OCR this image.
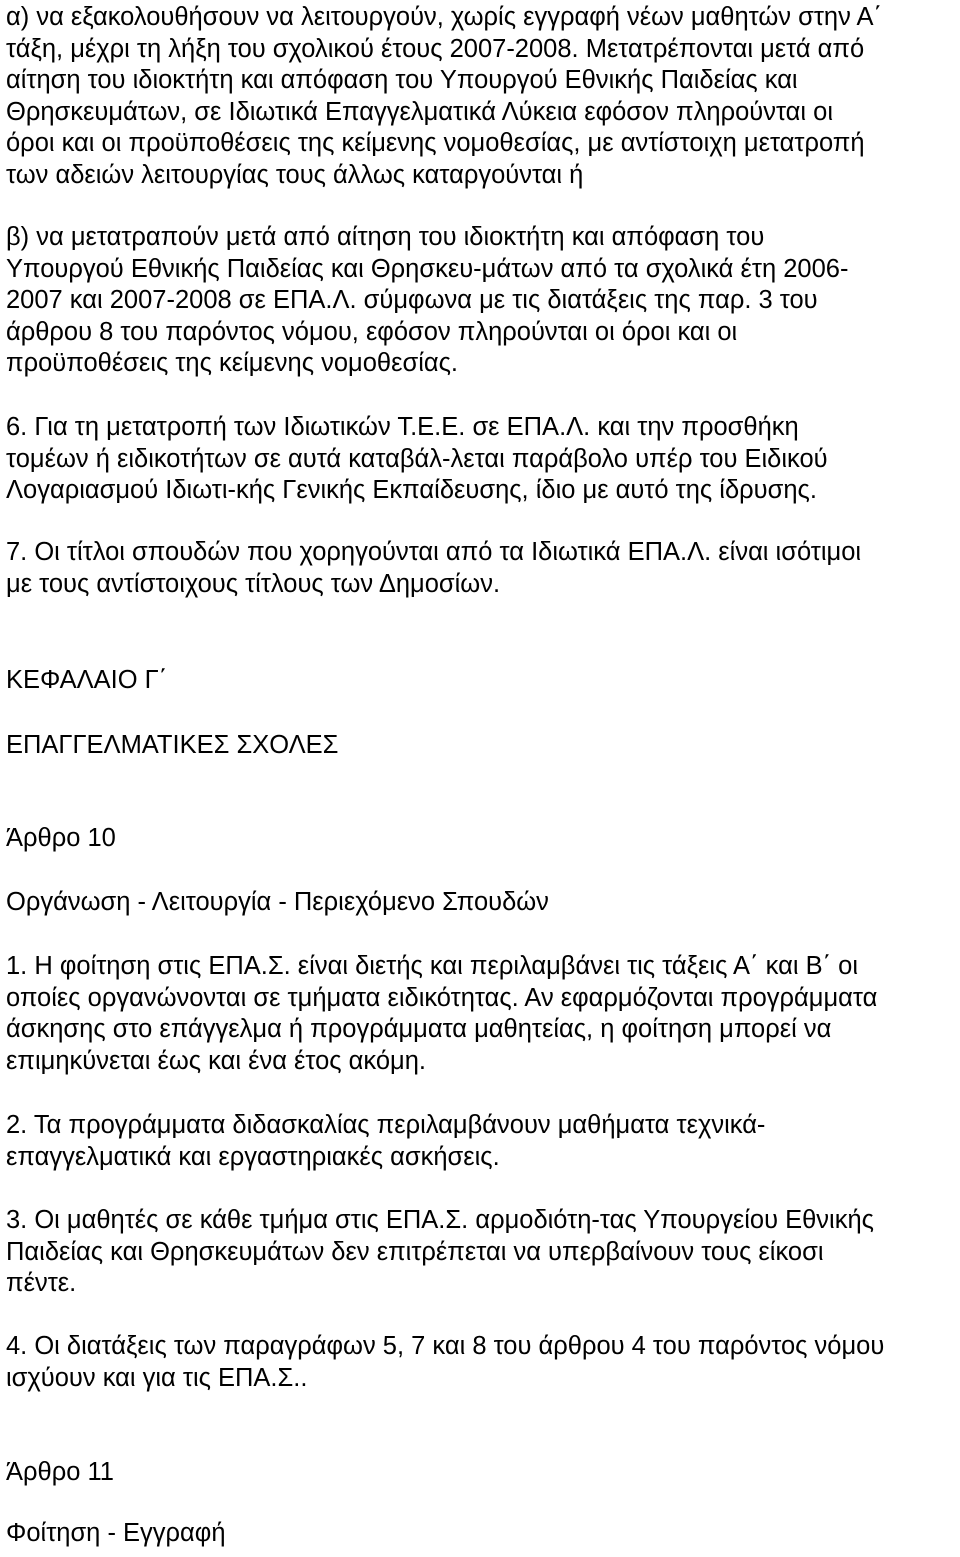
α) να εξακολουθήσουν να λειτουργούν, χωρίς εγγραφή νέων μαθητών στην Α΄
τάξη, μέχρι τη λήξη του σχολικού έτους 2007-2008. Μετατρέπονται μετά από
αίτηση του ιδιοκτήτη και απόφαση του Υπουργού Εθνικής Παιδείας και
Θρησκευμάτων, σε Ιδιωτικά Επαγγελματικά Λύκεια εφόσον πληρούνται οι
όροι και οι προϋποθέσεις της κείμενης νομοθεσίας, με αντίστοιχη μετατροπή
των αδειών λειτουργίας τους άλλως καταργούνται ή

β) να μετατραπούν μετά από αίτηση του ιδιοκτήτη και απόφαση του
Υπουργού Εθνικής Παιδείας και Θρησκευ-μάτων από τα σχολικά έτη 2006-
2007 και 2007-2008 σε ΕΠΑ.Λ. σύμφωνα με τις διατάξεις της παρ. 3 του
άρθρου 8 του παρόντος νόμου, εφόσον πληρούνται οι όροι και οι
προϋποθέσεις της κείμενης νομοθεσίας.

6. Για τη μετατροπή των Ιδιωτικών Τ.Ε.Ε. σε ΕΠΑ.Λ. και την προσθήκη
τομέων ή ειδικοτήτων σε αυτά καταβάλ-λεται παράβολο υπέρ του Ειδικού
Λογαριασμού Ιδιωτι-κής Γενικής Εκπαίδευσης, ίδιο με αυτό της ίδρυσης.

7. Οι τίτλοι σπουδών που χορηγούνται από τα Ιδιωτικά ΕΠΑ.Λ. είναι ισότιμοι
με τους αντίστοιχους τίτλους των Δημοσίων.

ΚΕΦΑΛΑΙΟ Γ΄

ΕΠΑΓΓΕΛΜΑΤΙΚΕΣ ΣΧΟΛΕΣ

Άρθρο 10

Οργάνωση - Λειτουργία - Περιεχόμενο Σπουδών

1. Η φοίτηση στις ΕΠΑ.Σ. είναι διετής και περιλαμβάνει τις τάξεις Α΄ και Β΄ οι
οποίες οργανώνονται σε τμήματα ειδικότητας. Αν εφαρμόζονται προγράμματα
άσκησης στο επάγγελμα ή προγράμματα μαθητείας, η φοίτηση μπορεί να
επιμηκύνεται έως και ένα έτος ακόμη.

2. Τα προγράμματα διδασκαλίας περιλαμβάνουν μαθήματα τεχνικά-
επαγγελματικά και εργαστηριακές ασκήσεις.

3. Οι μαθητές σε κάθε τμήμα στις ΕΠΑ.Σ. αρμοδιότη-τας Υπουργείου Εθνικής
Παιδείας και Θρησκευμάτων δεν επιτρέπεται να υπερβαίνουν τους είκοσι
πέντε.

4. Οι διατάξεις των παραγράφων 5, 7 και 8 του άρθρου 4 του παρόντος νόμου
ισχύουν και για τις ΕΠΑ.Σ..

Άρθρο 11

Φοίτηση - Εγγραφή
